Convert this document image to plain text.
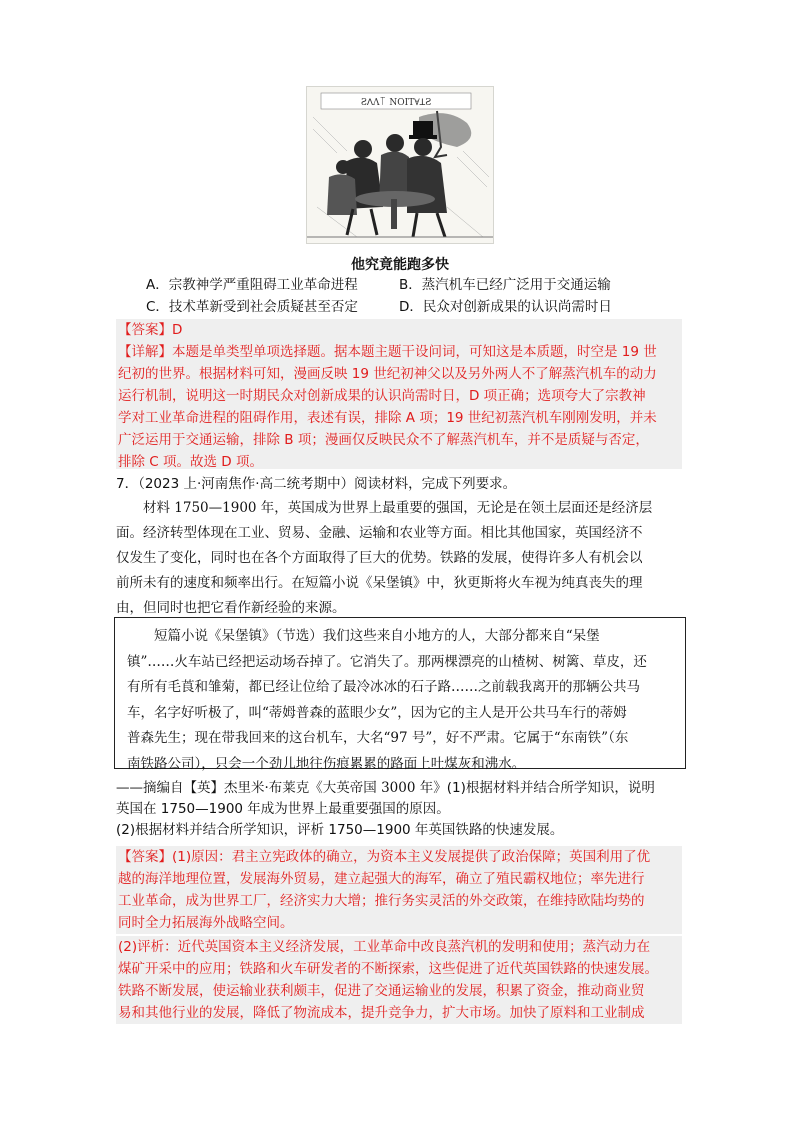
ƧꓥΛ꓄ NOIT∀ꓕƧ
他究竟能跑多快
A．宗教神学严重阻碍工业革命进程	B．蒸汽机车已经广泛用于交通运输
C．技术革新受到社会质疑甚至否定	D．民众对创新成果的认识尚需时日

【答案】D

【详解】本题是单类型单项选择题。据本题主题干设问词，可知这是本质题，时空是 19 世

纪初的世界。根据材料可知，漫画反映 19 世纪初神父以及另外两人不了解蒸汽机车的动力

运行机制，说明这一时期民众对创新成果的认识尚需时日，D 项正确；选项夸大了宗教神

学对工业革命进程的阻碍作用，表述有误，排除 A 项；19 世纪初蒸汽机车刚刚发明，并未

广泛运用于交通运输，排除 B 项；漫画仅反映民众不了解蒸汽机车，并不是质疑与否定，

排除 C 项。故选 D 项。

7．（2023 上·河南焦作·高二统考期中）阅读材料，完成下列要求。
材料 1750—1900 年，英国成为世界上最重要的强国，无论是在领土层面还是经济层
面。经济转型体现在工业、贸易、金融、运输和农业等方面。相比其他国家，英国经济不
仅发生了变化，同时也在各个方面取得了巨大的优势。铁路的发展，使得许多人有机会以
前所未有的速度和频率出行。在短篇小说《呆堡镇》中，狄更斯将火车视为纯真丧失的理
由，但同时也把它看作新经验的来源。
短篇小说《呆堡镇》（节选）我们这些来自小地方的人，大部分都来自“呆堡
镇”……火车站已经把运动场吞掉了。它消失了。那两棵漂亮的山楂树、树篱、草皮，还
有所有毛莨和雏菊，都已经让位给了最冷冰冰的石子路……之前载我离开的那辆公共马
车，名字好听极了，叫“蒂姆普森的蓝眼少女”，因为它的主人是开公共马车行的蒂姆
普森先生；现在带我回来的这台机车，大名“97 号”，好不严肃。它属于“东南铁”（东
南铁路公司），只会一个劲儿地往伤痕累累的路面上吐煤灰和沸水。
——摘编自【英】杰里米·布莱克《大英帝国 3000 年》(1)根据材料并结合所学知识，说明
英国在 1750—1900 年成为世界上最重要强国的原因。
(2)根据材料并结合所学知识，评析 1750—1900 年英国铁路的快速发展。

【答案】(1)原因：君主立宪政体的确立，为资本主义发展提供了政治保障；英国利用了优

越的海洋地理位置，发展海外贸易，建立起强大的海军，确立了殖民霸权地位；率先进行

工业革命，成为世界工厂，经济实力大增；推行务实灵活的外交政策，在维持欧陆均势的

同时全力拓展海外战略空间。

(2)评析：近代英国资本主义经济发展，工业革命中改良蒸汽机的发明和使用；蒸汽动力在

煤矿开采中的应用；铁路和火车研发者的不断探索，这些促进了近代英国铁路的快速发展。

铁路不断发展，使运输业获利颇丰，促进了交通运输业的发展，积累了资金，推动商业贸

易和其他行业的发展，降低了物流成本，提升竞争力，扩大市场。加快了原料和工业制成
